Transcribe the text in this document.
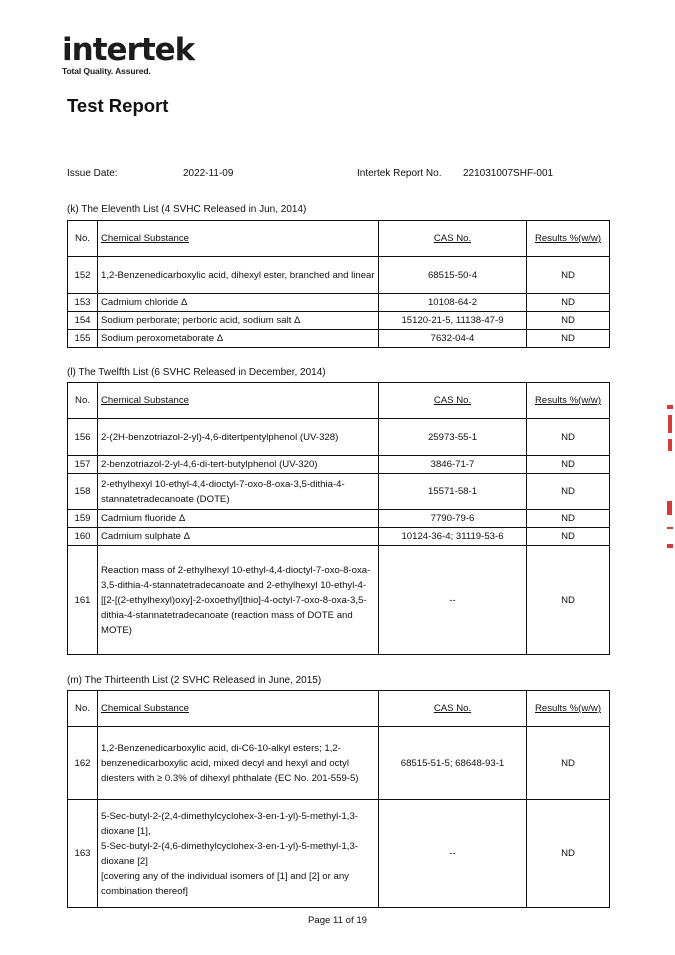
intertek
Total Quality. Assured.
Test Report
Issue Date:	2022-11-09	Intertek Report No. 221031007SHF-001
(k) The Eleventh List (4 SVHC Released in Jun, 2014)
No.	Chemical Substance	CAS No.	Results %(w/w)
152	1,2-Benzenedicarboxylic acid, dihexyl ester, branched and linear	68515-50-4	ND
153	Cadmium chloride Δ	10108-64-2	ND
154	Sodium perborate; perboric acid, sodium salt Δ	15120-21-5, 11138-47-9	ND
155	Sodium peroxometaborate Δ	7632-04-4	ND
(l) The Twelfth List (6 SVHC Released in December, 2014)
No.	Chemical Substance	CAS No.	Results %(w/w)
156	2-(2H-benzotriazol-2-yl)-4,6-ditertpentylphenol (UV-328)	25973-55-1	ND
157	2-benzotriazol-2-yl-4,6-di-tert-butylphenol (UV-320)	3846-71-7	ND
158	2-ethylhexyl 10-ethyl-4,4-dioctyl-7-oxo-8-oxa-3,5-dithia-4-stannatetradecanoate (DOTE)	15571-58-1	ND
159	Cadmium fluoride Δ	7790-79-6	ND
160	Cadmium sulphate Δ	10124-36-4; 31119-53-6	ND
161	Reaction mass of 2-ethylhexyl 10-ethyl-4,4-dioctyl-7-oxo-8-oxa-3,5-dithia-4-stannatetradecanoate and 2-ethylhexyl 10-ethyl-4-[[2-[(2-ethylhexyl)oxy]-2-oxoethyl]thio]-4-octyl-7-oxo-8-oxa-3,5-dithia-4-stannatetradecanoate (reaction mass of DOTE and MOTE)	--	ND
(m) The Thirteenth List (2 SVHC Released in June, 2015)
No.	Chemical Substance	CAS No.	Results %(w/w)
162	1,2-Benzenedicarboxylic acid, di-C6-10-alkyl esters; 1,2-benzenedicarboxylic acid, mixed decyl and hexyl and octyl diesters with ≥ 0.3% of dihexyl phthalate (EC No. 201-559-5)	68515-51-5; 68648-93-1	ND
163	5-Sec-butyl-2-(2,4-dimethylcyclohex-3-en-1-yl)-5-methyl-1,3-dioxane [1],
5-Sec-butyl-2-(4,6-dimethylcyclohex-3-en-1-yl)-5-methyl-1,3-dioxane [2]
[covering any of the individual isomers of [1] and [2] or any combination thereof]	--	ND
Page 11 of 19
